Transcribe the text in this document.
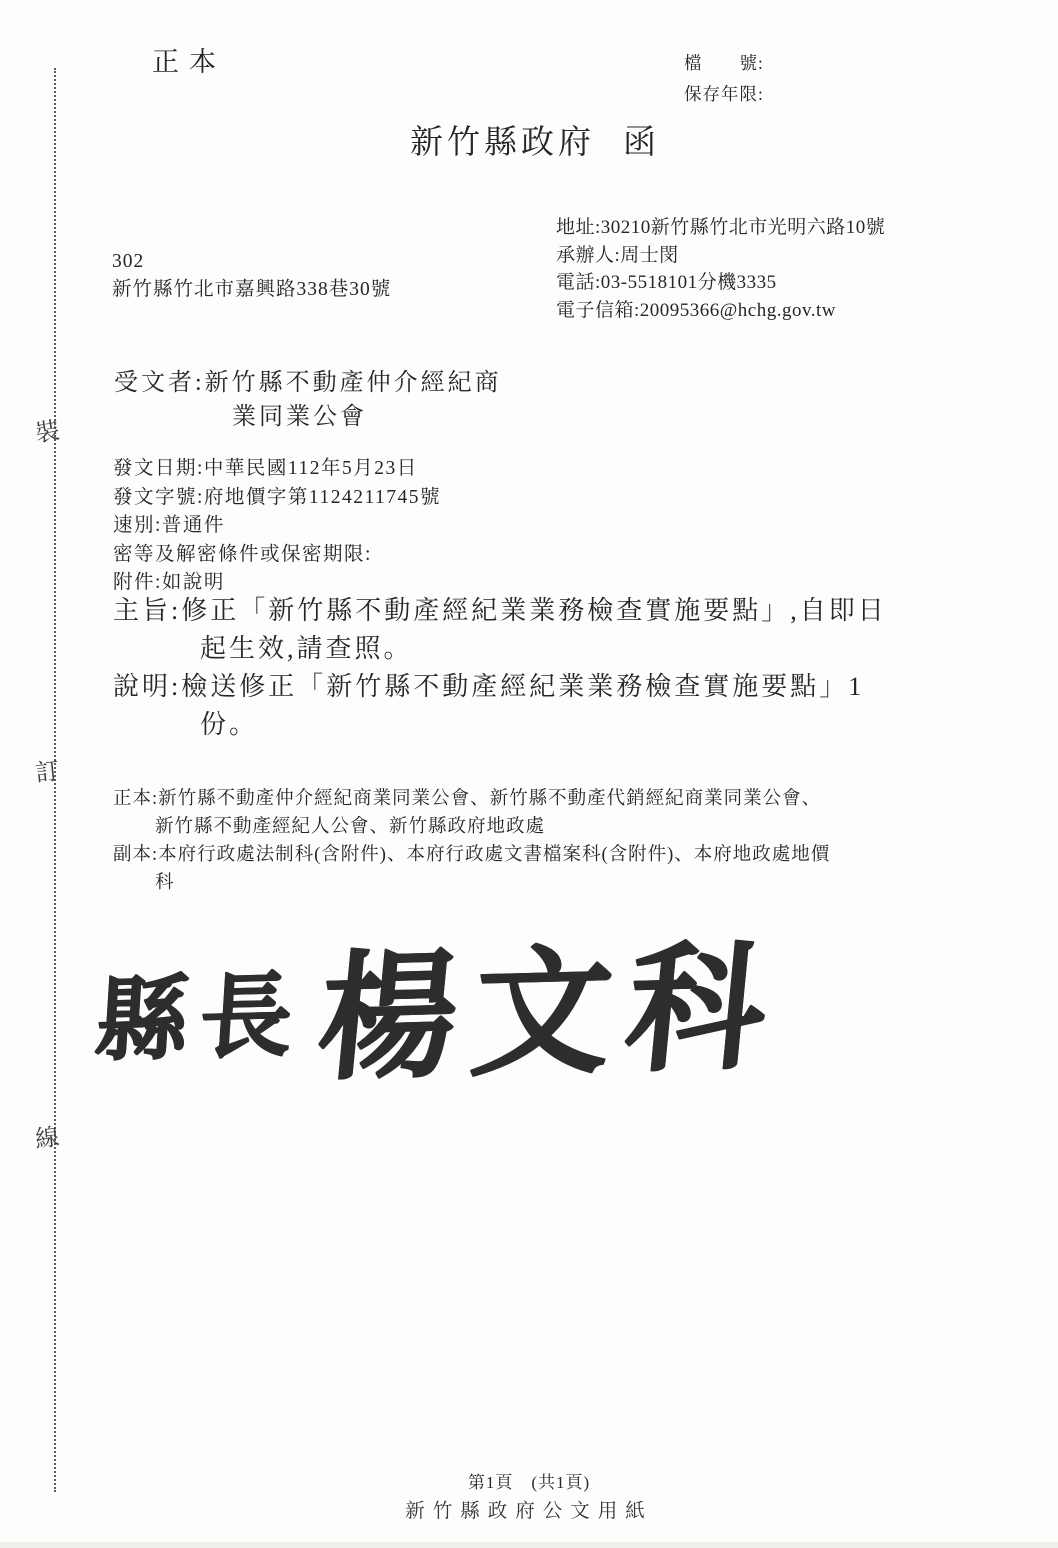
裝
訂
線
正本	檔　　號:
保存年限:
新竹縣政府 函
302
新竹縣竹北市嘉興路338巷30號
地址:30210新竹縣竹北市光明六路10號
承辦人:周士閔
電話:03-5518101分機3335
電子信箱:20095366@hchg.gov.tw
受文者:新竹縣不動產仲介經紀商
業同業公會
發文日期:中華民國112年5月23日
發文字號:府地價字第1124211745號
速別:普通件
密等及解密條件或保密期限:
附件:如說明
主旨:修正「新竹縣不動產經紀業業務檢查實施要點」,自即日
起生效,請查照。
說明:檢送修正「新竹縣不動產經紀業業務檢查實施要點」1
份。
正本:新竹縣不動產仲介經紀商業同業公會、新竹縣不動產代銷經紀商業同業公會、
新竹縣不動產經紀人公會、新竹縣政府地政處
副本:本府行政處法制科(含附件)、本府行政處文書檔案科(含附件)、本府地政處地價
科
縣長 楊文科
第1頁　(共1頁)
新竹縣政府公文用紙
